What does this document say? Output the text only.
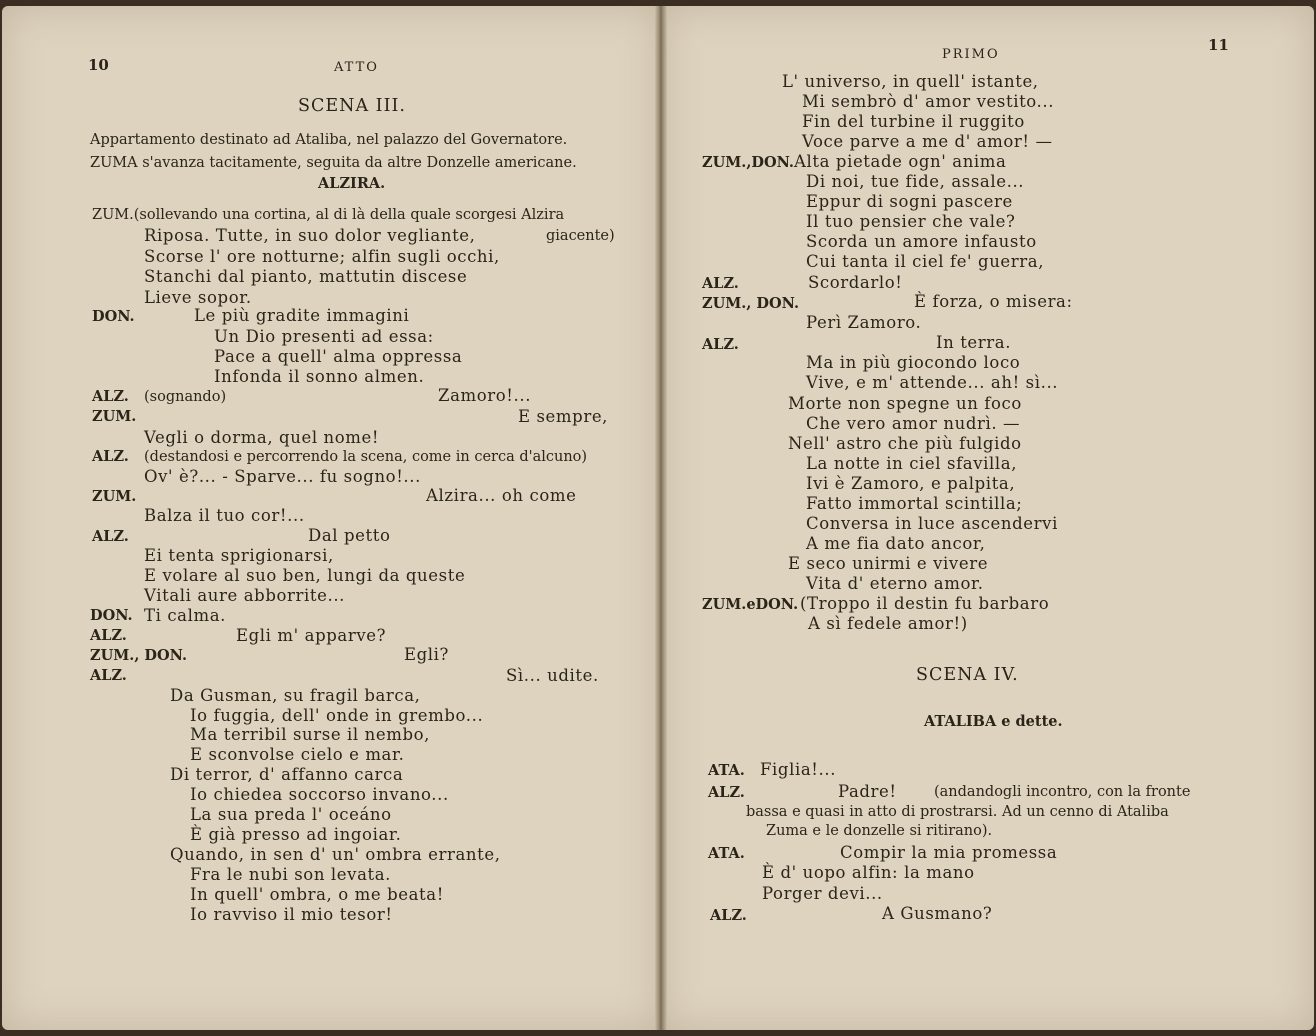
10	ATTO
SCENA III.
Appartamento destinato ad Ataliba, nel palazzo del Governatore.
ZUMA s'avanza tacitamente, seguita da altre Donzelle americane.
ALZIRA.
ZUM.(sollevando una cortina, al di là della quale scorgesi Alzira
Riposa. Tutte, in suo dolor vegliante,	giacente)
Scorse l' ore notturne; alfin sugli occhi,
Stanchi dal pianto, mattutin discese
Lieve sopor.
DON.	Le più gradite immagini
Un Dio presenti ad essa:
Pace a quell' alma oppressa
Infonda il sonno almen.
ALZ. (sognando)	Zamoro!...
ZUM.	E sempre,
Vegli o dorma, quel nome!
ALZ. (destandosi e percorrendo la scena, come in cerca d'alcuno)
Ov' è?... - Sparve... fu sogno!...
ZUM.	Alzira... oh come
Balza il tuo cor!...
ALZ.	Dal petto
Ei tenta sprigionarsi,
E volare al suo ben, lungi da queste
Vitali aure abborrite...
DON. Ti calma.
ALZ.	Egli m' apparve?
ZUM., DON.	Egli?
ALZ.	Sì... udite.
Da Gusman, su fragil barca,
Io fuggia, dell' onde in grembo...
Ma terribil surse il nembo,
E sconvolse cielo e mar.
Di terror, d' affanno carca
Io chiedea soccorso invano...
La sua preda l' oceáno
È già presso ad ingoiar.
Quando, in sen d' un' ombra errante,
Fra le nubi son levata.
In quell' ombra, o me beata!
Io ravviso il mio tesor!
PRIMO
11
L' universo, in quell' istante,
Mi sembrò d' amor vestito...
Fin del turbine il ruggito
Voce parve a me d' amor! —
ZUM.,DON. Alta pietade ogn' anima
Di noi, tue fide, assale...
Eppur di sogni pascere
Il tuo pensier che vale?
Scorda un amore infausto
Cui tanta il ciel fe' guerra,
ALZ.	Scordarlo!
ZUM., DON.	È forza, o misera:
Perì Zamoro.
ALZ.	In terra.
Ma in più giocondo loco
Vive, e m' attende... ah! sì...
Morte non spegne un foco
Che vero amor nudrì. —
Nell' astro che più fulgido
La notte in ciel sfavilla,
Ivi è Zamoro, e palpita,
Fatto immortal scintilla;
Conversa in luce ascendervi
A me fia dato ancor,
E seco unirmi e vivere
Vita d' eterno amor.
ZUM.eDON. (Troppo il destin fu barbaro
A sì fedele amor!)
SCENA IV.
ATALIBA e dette.
ATA. Figlia!...
ALZ.	Padre!	(andandogli incontro, con la fronte
bassa e quasi in atto di prostrarsi. Ad un cenno di Ataliba
Zuma e le donzelle si ritirano).
ATA.	Compir la mia promessa
È d' uopo alfin: la mano
Porger devi...
ALZ.	A Gusmano?
